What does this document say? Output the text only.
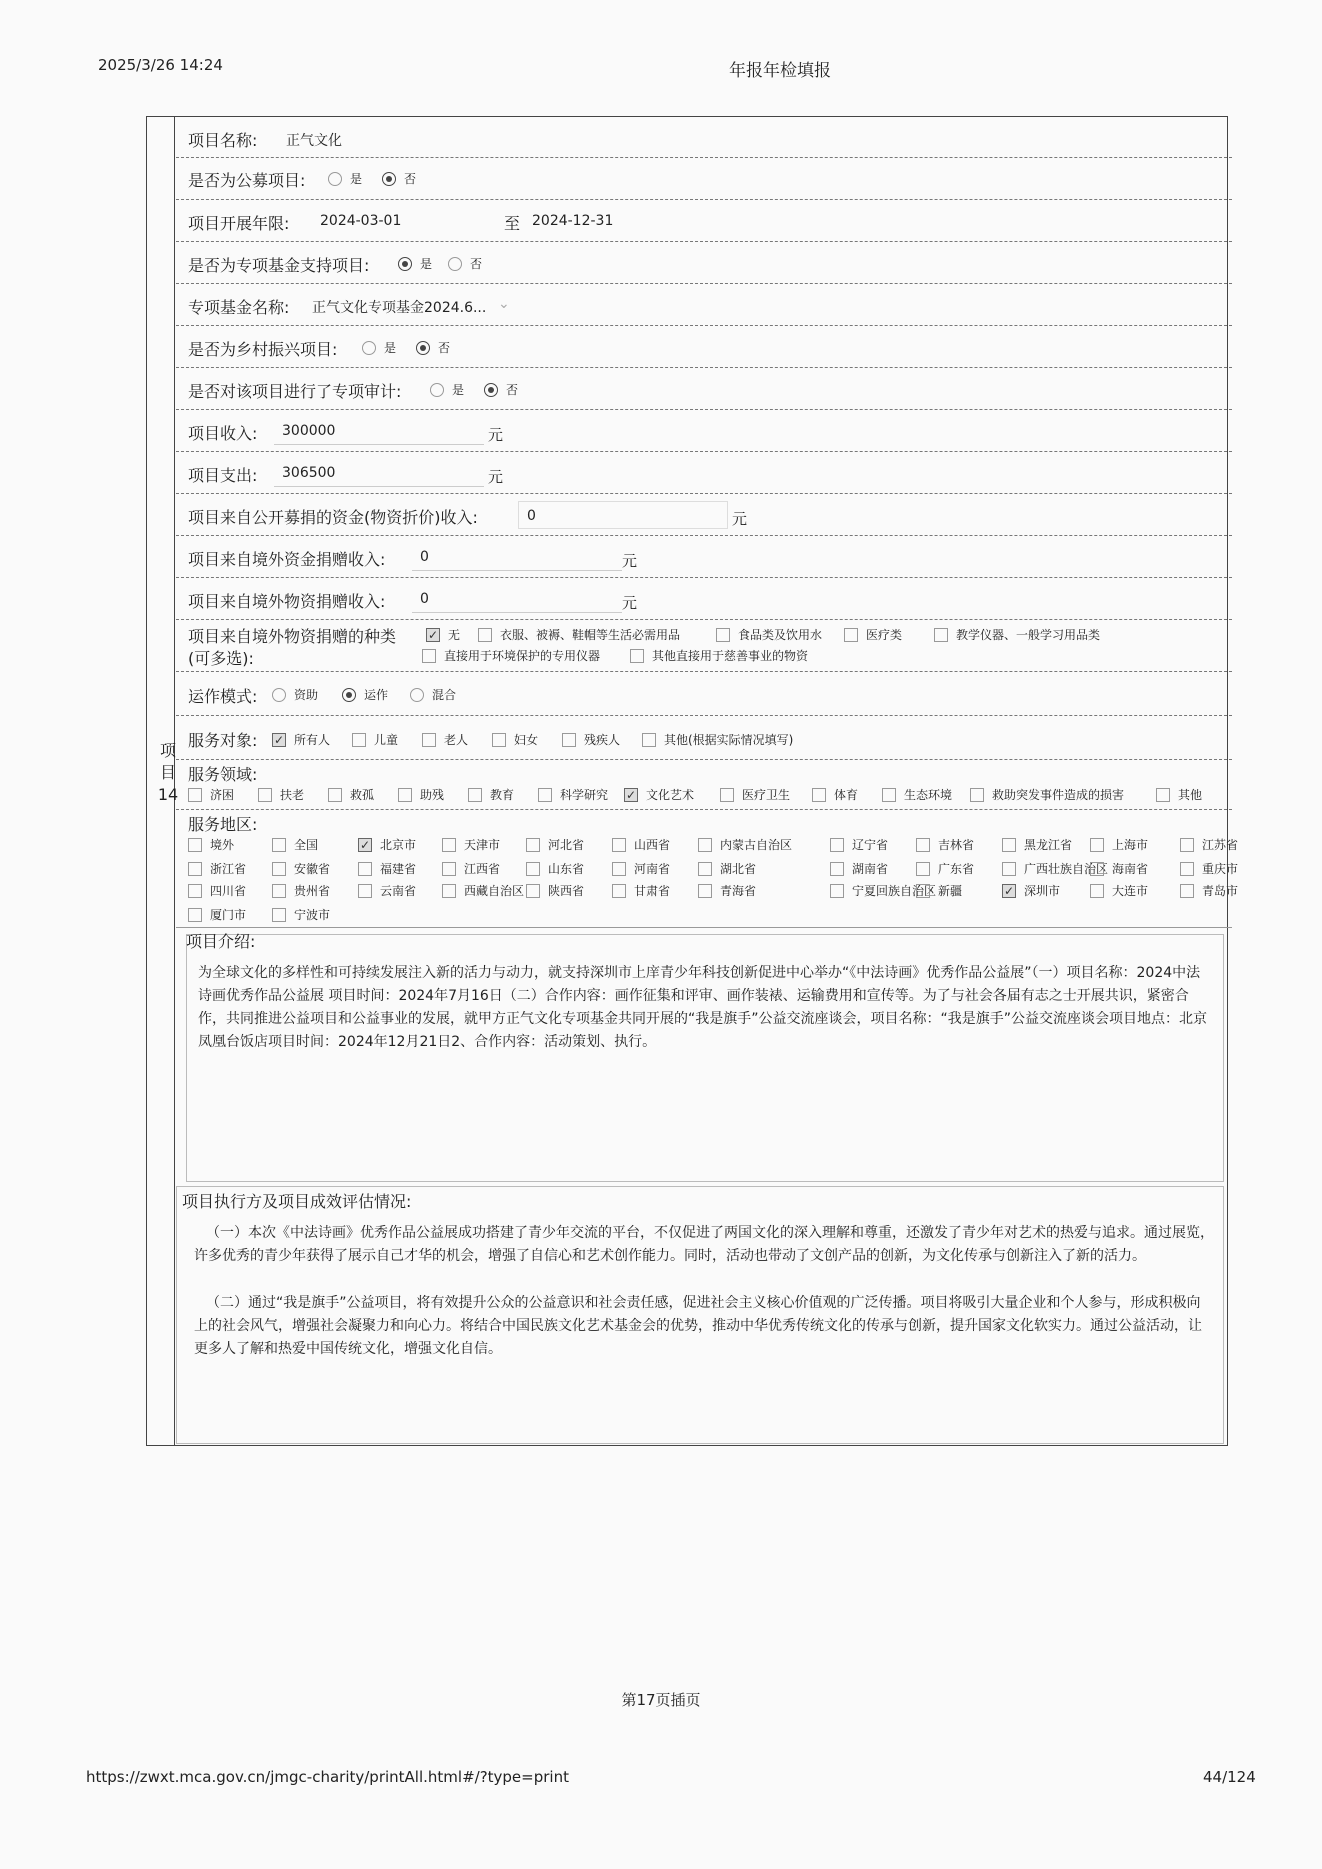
2025/3/26 14:24	年报年检填报
项
目
14
项目名称: 正气文化
是否为公募项目:	是	否
项目开展年限: 2024-03-01	至 2024-12-31
是否为专项基金支持项目:	是	否
专项基金名称: 正气文化专项基金2024.6... ⌄
是否为乡村振兴项目:	是	否
是否对该项目进行了专项审计:	是	否
项目收入:	300000	元
项目支出:	306500	元
项目来自公开募捐的资金(物资折价)收入:	0	元
项目来自境外资金捐赠收入:	0	元
项目来自境外物资捐赠收入:	0	元
项目来自境外物资捐赠的种类
(可多选):
✓ 无	衣服、被褥、鞋帽等生活必需用品	食品类及饮用水	医疗类	教学仪器、一般学习用品类
直接用于环境保护的专用仪器	其他直接用于慈善事业的物资
运作模式:	资助	运作	混合
服务对象: ✓ 所有人	儿童	老人	妇女	残疾人	其他(根据实际情况填写)
服务领域:
济困	扶老	救孤	助残	教育	科学研究 ✓ 文化艺术	医疗卫生	体育	生态环境	救助突发事件造成的损害	其他
服务地区:
境外	全国	✓ 北京市	天津市	河北省	山西省	内蒙古自治区	辽宁省	吉林省	黑龙江省	上海市	江苏省
浙江省	安徽省	福建省	江西省	山东省	河南省	湖北省	湖南省	广东省	广西壮族自治区 海南省	重庆市
四川省	贵州省	云南省	西藏自治区 陕西省	甘肃省	青海省	宁夏回族自治区 新疆	✓ 深圳市	大连市	青岛市
厦门市	宁波市
项目介绍:
为全球文化的多样性和可持续发展注入新的活力与动力，就支持深圳市上庠青少年科技创新促进中心举办“《中法诗画》优秀作品公益展”（一）项目名称：2024中法诗画优秀作品公益展 项目时间：2024年7月16日（二）合作内容：画作征集和评审、画作装裱、运输费用和宣传等。为了与社会各届有志之士开展共识，紧密合作，共同推进公益项目和公益事业的发展，就甲方正气文化专项基金共同开展的“我是旗手”公益交流座谈会，项目名称：“我是旗手”公益交流座谈会项目地点：北京凤凰台饭店项目时间：2024年12月21日2、合作内容：活动策划、执行。
项目执行方及项目成效评估情况:
（一）本次《中法诗画》优秀作品公益展成功搭建了青少年交流的平台，不仅促进了两国文化的深入理解和尊重，还激发了青少年对艺术的热爱与追求。通过展览，许多优秀的青少年获得了展示自己才华的机会，增强了自信心和艺术创作能力。同时，活动也带动了文创产品的创新，为文化传承与创新注入了新的活力。
（二）通过“我是旗手”公益项目，将有效提升公众的公益意识和社会责任感，促进社会主义核心价值观的广泛传播。项目将吸引大量企业和个人参与，形成积极向上的社会风气，增强社会凝聚力和向心力。将结合中国民族文化艺术基金会的优势，推动中华优秀传统文化的传承与创新，提升国家文化软实力。通过公益活动，让更多人了解和热爱中国传统文化，增强文化自信。
第17页插页
https://zwxt.mca.gov.cn/jmgc-charity/printAll.html#/?type=print	44/124
